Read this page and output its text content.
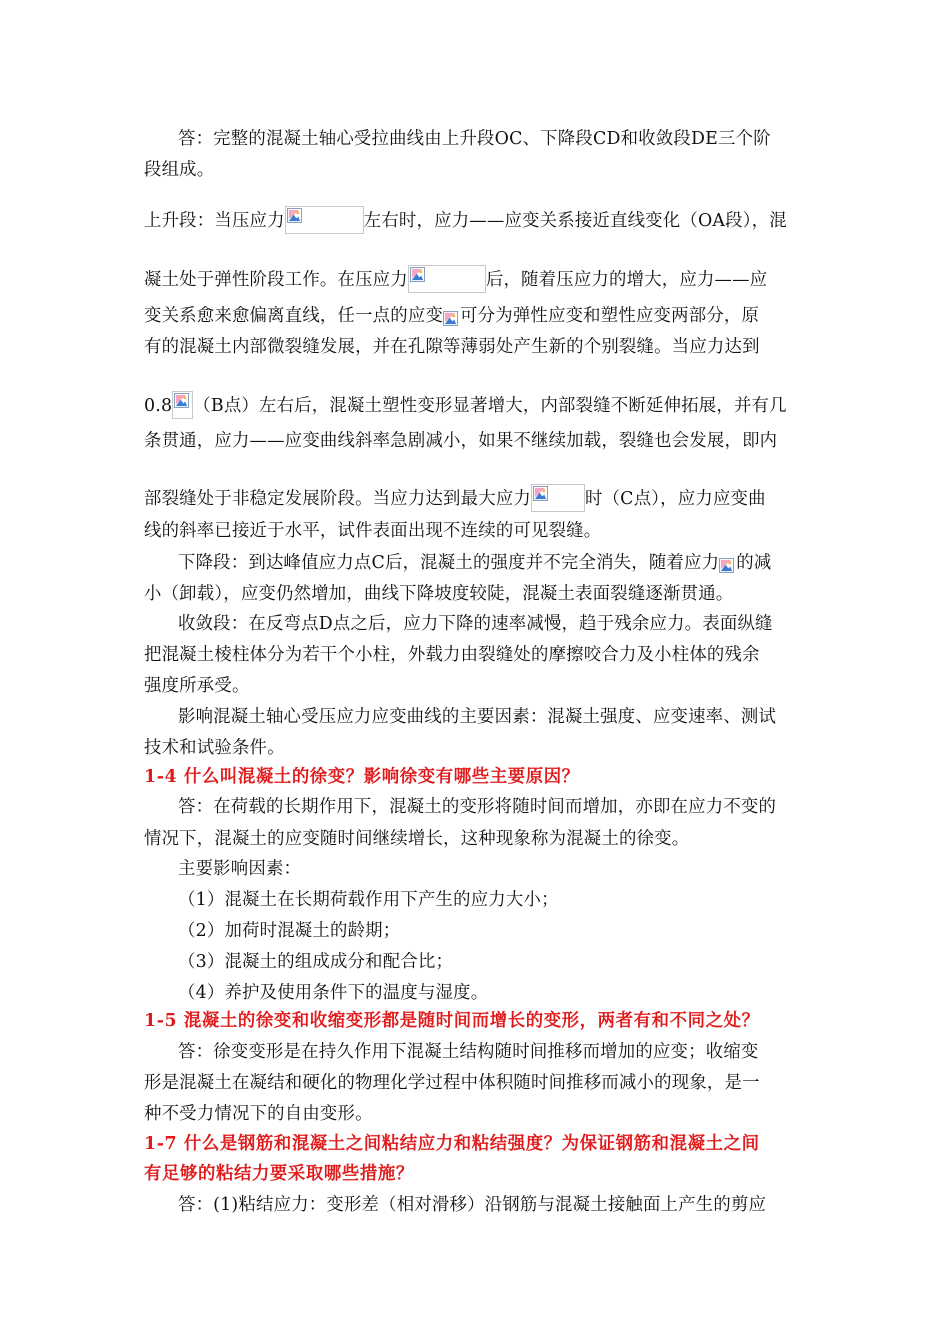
答：完整的混凝土轴心受拉曲线由上升段OC、下降段CD和收敛段DE三个阶
段组成。
上升段：当压应力	左右时，应力——应变关系接近直线变化（OA段），混
凝土处于弹性阶段工作。在压应力	后，随着压应力的增大，应力——应
变关系愈来愈偏离直线，任一点的应变 可分为弹性应变和塑性应变两部分，原
有的混凝土内部微裂缝发展，并在孔隙等薄弱处产生新的个别裂缝。当应力达到
0.8 （B点）左右后，混凝土塑性变形显著增大，内部裂缝不断延伸拓展，并有几
条贯通，应力——应变曲线斜率急剧减小，如果不继续加载，裂缝也会发展，即内
部裂缝处于非稳定发展阶段。当应力达到最大应力	时（C点），应力应变曲
线的斜率已接近于水平，试件表面出现不连续的可见裂缝。
下降段：到达峰值应力点C后，混凝土的强度并不完全消失，随着应力 的减
小（卸载），应变仍然增加，曲线下降坡度较陡，混凝土表面裂缝逐渐贯通。
收敛段：在反弯点D点之后，应力下降的速率减慢，趋于残余应力。表面纵缝
把混凝土棱柱体分为若干个小柱，外载力由裂缝处的摩擦咬合力及小柱体的残余
强度所承受。
影响混凝土轴心受压应力应变曲线的主要因素：混凝土强度、应变速率、测试
技术和试验条件。
1-4 什么叫混凝土的徐变？影响徐变有哪些主要原因？
答：在荷载的长期作用下，混凝土的变形将随时间而增加，亦即在应力不变的
情况下，混凝土的应变随时间继续增长，这种现象称为混凝土的徐变。
主要影响因素：
（1）混凝土在长期荷载作用下产生的应力大小；
（2）加荷时混凝土的龄期；
（3）混凝土的组成成分和配合比；
（4）养护及使用条件下的温度与湿度。
1-5 混凝土的徐变和收缩变形都是随时间而增长的变形，两者有和不同之处？
答：徐变变形是在持久作用下混凝土结构随时间推移而增加的应变；收缩变
形是混凝土在凝结和硬化的物理化学过程中体积随时间推移而减小的现象，是一
种不受力情况下的自由变形。
1-7 什么是钢筋和混凝土之间粘结应力和粘结强度？为保证钢筋和混凝土之间
有足够的粘结力要采取哪些措施？
答：(1)粘结应力：变形差（相对滑移）沿钢筋与混凝土接触面上产生的剪应
